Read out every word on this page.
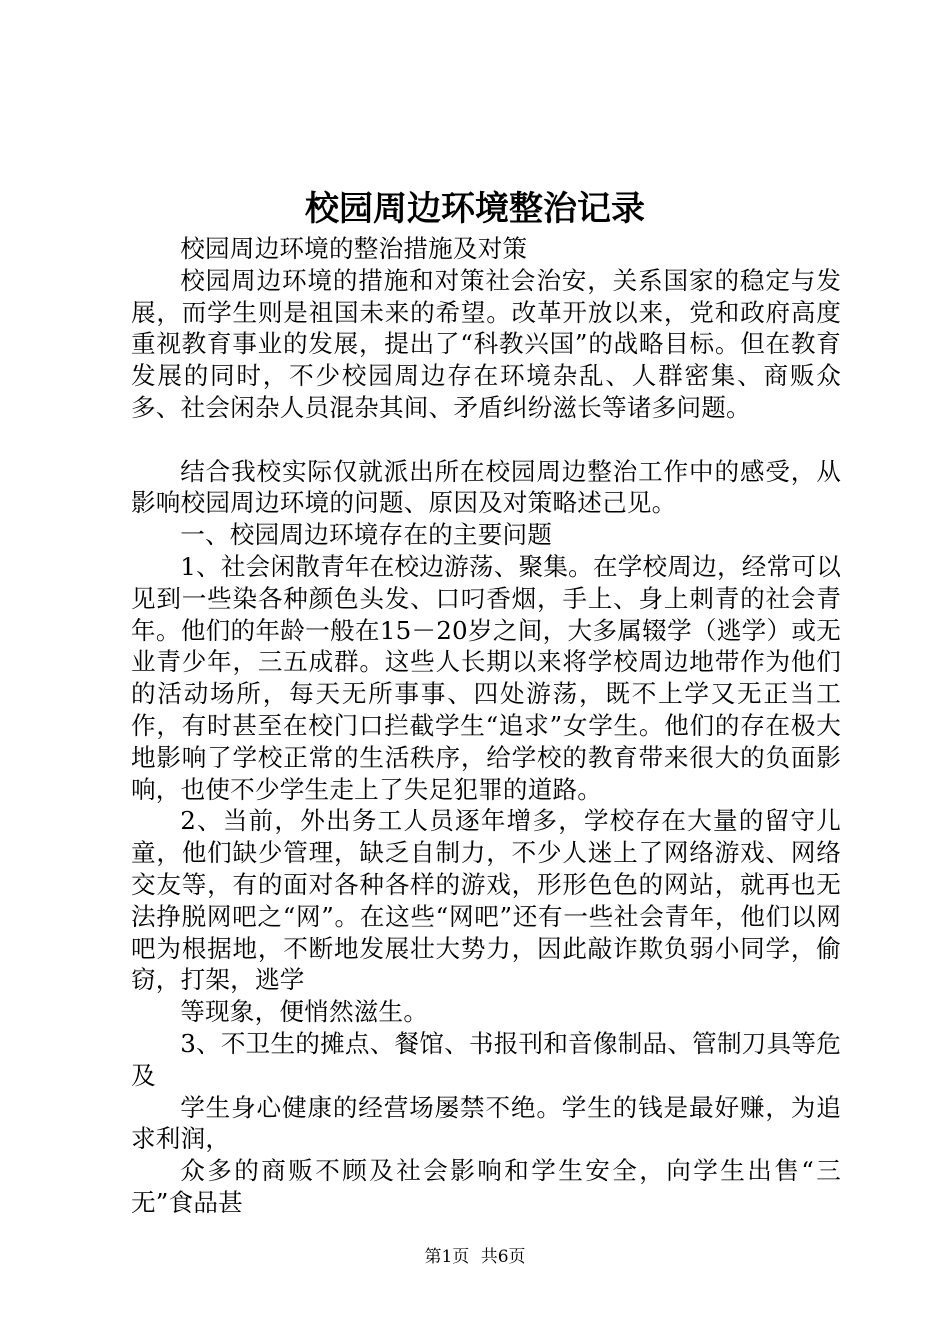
校园周边环境整治记录

校园周边环境的整治措施及对策

校园周边环境的措施和对策社会治安，关系国家的稳定与发展，而学生则是祖国未来的希望。改革开放以来，党和政府高度重视教育事业的发展，提出了“科教兴国”的战略目标。但在教育发展的同时，不少校园周边存在环境杂乱、人群密集、商贩众多、社会闲杂人员混杂其间、矛盾纠纷滋长等诸多问题。

结合我校实际仅就派出所在校园周边整治工作中的感受，从影响校园周边环境的问题、原因及对策略述己见。

一、校园周边环境存在的主要问题

1、社会闲散青年在校边游荡、聚集。在学校周边，经常可以见到一些染各种颜色头发、口叼香烟，手上、身上刺青的社会青年。他们的年龄一般在15－20岁之间，大多属辍学（逃学）或无业青少年，三五成群。这些人长期以来将学校周边地带作为他们的活动场所，每天无所事事、四处游荡，既不上学又无正当工作，有时甚至在校门口拦截学生“追求”女学生。他们的存在极大地影响了学校正常的生活秩序，给学校的教育带来很大的负面影响，也使不少学生走上了失足犯罪的道路。

2、当前，外出务工人员逐年增多，学校存在大量的留守儿童，他们缺少管理，缺乏自制力，不少人迷上了网络游戏、网络交友等，有的面对各种各样的游戏，形形色色的网站，就再也无法挣脱网吧之“网”。在这些“网吧”还有一些社会青年，他们以网吧为根据地，不断地发展壮大势力，因此敲诈欺负弱小同学，偷窃，打架，逃学

等现象，便悄然滋生。

3、不卫生的摊点、餐馆、书报刊和音像制品、管制刀具等危及

学生身心健康的经营场屡禁不绝。学生的钱是最好赚，为追求利润，

众多的商贩不顾及社会影响和学生安全，向学生出售“三无”食品甚

第1页 共6页
